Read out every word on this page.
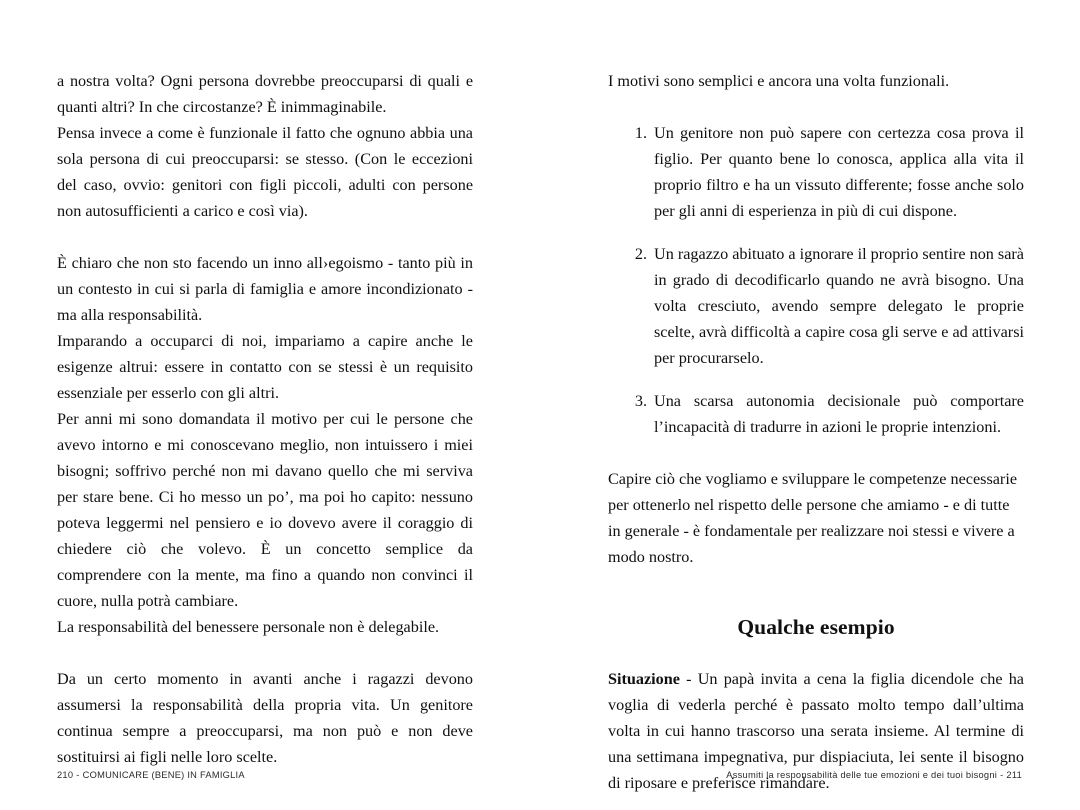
a nostra volta? Ogni persona dovrebbe preoccuparsi di quali e quanti altri? In che circostanze? È inimmaginabile.

Pensa invece a come è funzionale il fatto che ognuno abbia una sola persona di cui preoccuparsi: se stesso. (Con le eccezioni del caso, ovvio: genitori con figli piccoli, adulti con persone non autosufficienti a carico e così via).

È chiaro che non sto facendo un inno all›egoismo - tanto più in un contesto in cui si parla di famiglia e amore incondizionato - ma alla responsabilità.

Imparando a occuparci di noi, impariamo a capire anche le esigenze altrui: essere in contatto con se stessi è un requisito essenziale per esserlo con gli altri.

Per anni mi sono domandata il motivo per cui le persone che avevo intorno e mi conoscevano meglio, non intuissero i miei bisogni; soffrivo perché non mi davano quello che mi serviva per stare bene. Ci ho messo un po’, ma poi ho capito: nessuno poteva leggermi nel pensiero e io dovevo avere il coraggio di chiedere ciò che volevo. È un concetto semplice da comprendere con la mente, ma fino a quando non convinci il cuore, nulla potrà cambiare.

La responsabilità del benessere personale non è delegabile.

Da un certo momento in avanti anche i ragazzi devono assumersi la responsabilità della propria vita. Un genitore continua sempre a preoccuparsi, ma non può e non deve sostituirsi ai figli nelle loro scelte.

210 - COMUNICARE (BENE) IN FAMIGLIA

I motivi sono semplici e ancora una volta funzionali.

Un genitore non può sapere con certezza cosa prova il figlio. Per quanto bene lo conosca, applica alla vita il proprio filtro e ha un vissuto differente; fosse anche solo per gli anni di esperienza in più di cui dispone.
Un ragazzo abituato a ignorare il proprio sentire non sarà in grado di decodificarlo quando ne avrà bisogno. Una volta cresciuto, avendo sempre delegato le proprie scelte, avrà difficoltà a capire cosa gli serve e ad attivarsi per procurarselo.
Una scarsa autonomia decisionale può comportare l’incapacità di tradurre in azioni le proprie intenzioni.

Capire ciò che vogliamo e sviluppare le competenze necessarie per ottenerlo nel rispetto delle persone che amiamo - e di tutte in generale - è fondamentale per realizzare noi stessi e vivere a modo nostro.

Qualche esempio

Situazione - Un papà invita a cena la figlia dicendole che ha voglia di vederla perché è passato molto tempo dall’ultima volta in cui hanno trascorso una serata insieme. Al termine di una settimana impegnativa, pur dispiaciuta, lei sente il bisogno di riposare e preferisce rimandare.

Assumiti la responsabilità delle tue emozioni e dei tuoi bisogni - 211
